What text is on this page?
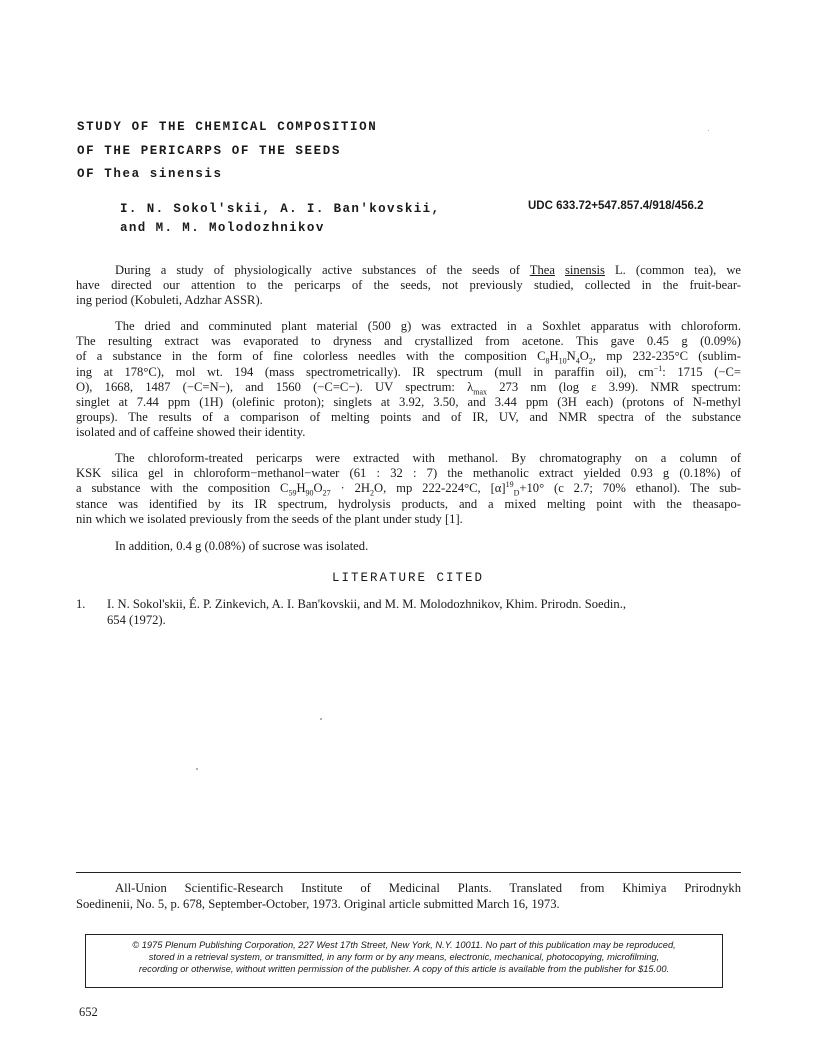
STUDY OF THE CHEMICAL COMPOSITION
OF THE PERICARPS OF THE SEEDS
OF Thea sinensis
I. N. Sokol'skii, A. I. Ban'kovskii,
and M. M. Molodozhnikov
UDC 633.72+547.857.4/918/456.2
During a study of physiologically active substances of the seeds of Thea sinensis L. (common tea), we
have directed our attention to the pericarps of the seeds, not previously studied, collected in the fruit-bear-
ing period (Kobuleti, Adzhar ASSR).
The dried and comminuted plant material (500 g) was extracted in a Soxhlet apparatus with chloroform.
The resulting extract was evaporated to dryness and crystallized from acetone. This gave 0.45 g (0.09%)
of a substance in the form of fine colorless needles with the composition $C_8H_{10}N_4O_2$, mp 232-235°C (sublim-
ing at 178°C), mol wt. 194 (mass spectrometrically). IR spectrum (mull in paraffin oil), $cm^{-1}$: 1715 (−C=
O), 1668, 1487 (−C=N−), and 1560 (−C=C−). UV spectrum: $\lambda_{max}$ 273 nm (log ε 3.99). NMR spectrum:
singlet at 7.44 ppm (1H) (olefinic proton); singlets at 3.92, 3.50, and 3.44 ppm (3H each) (protons of N-methyl
groups). The results of a comparison of melting points and of IR, UV, and NMR spectra of the substance
isolated and of caffeine showed their identity.
The chloroform-treated pericarps were extracted with methanol. By chromatography on a column of
KSK silica gel in chloroform−methanol−water (61 : 32 : 7) the methanolic extract yielded 0.93 g (0.18%) of
a substance with the composition $C_{59}H_{90}O_{27} \cdot 2H_2O$, mp 222-224°C, $[\alpha]^{19}_D+10^\circ$ (c 2.7; 70% ethanol). The sub-
stance was identified by its IR spectrum, hydrolysis products, and a mixed melting point with the theasapo-
nin which we isolated previously from the seeds of the plant under study [1].
In addition, 0.4 g (0.08%) of sucrose was isolated.
LITERATURE CITED
1. I. N. Sokol'skii, É. P. Zinkevich, A. I. Ban'kovskii, and M. M. Molodozhnikov, Khim. Prirodn. Soedin.,
654 (1972).
All-Union Scientific-Research Institute of Medicinal Plants. Translated from Khimiya Prirodnykh
Soedinenii, No. 5, p. 678, September-October, 1973. Original article submitted March 16, 1973.
© 1975 Plenum Publishing Corporation, 227 West 17th Street, New York, N.Y. 10011. No part of this publication may be reproduced,
stored in a retrieval system, or transmitted, in any form or by any means, electronic, mechanical, photocopying, microfilming,
recording or otherwise, without written permission of the publisher. A copy of this article is available from the publisher for $15.00.
652
